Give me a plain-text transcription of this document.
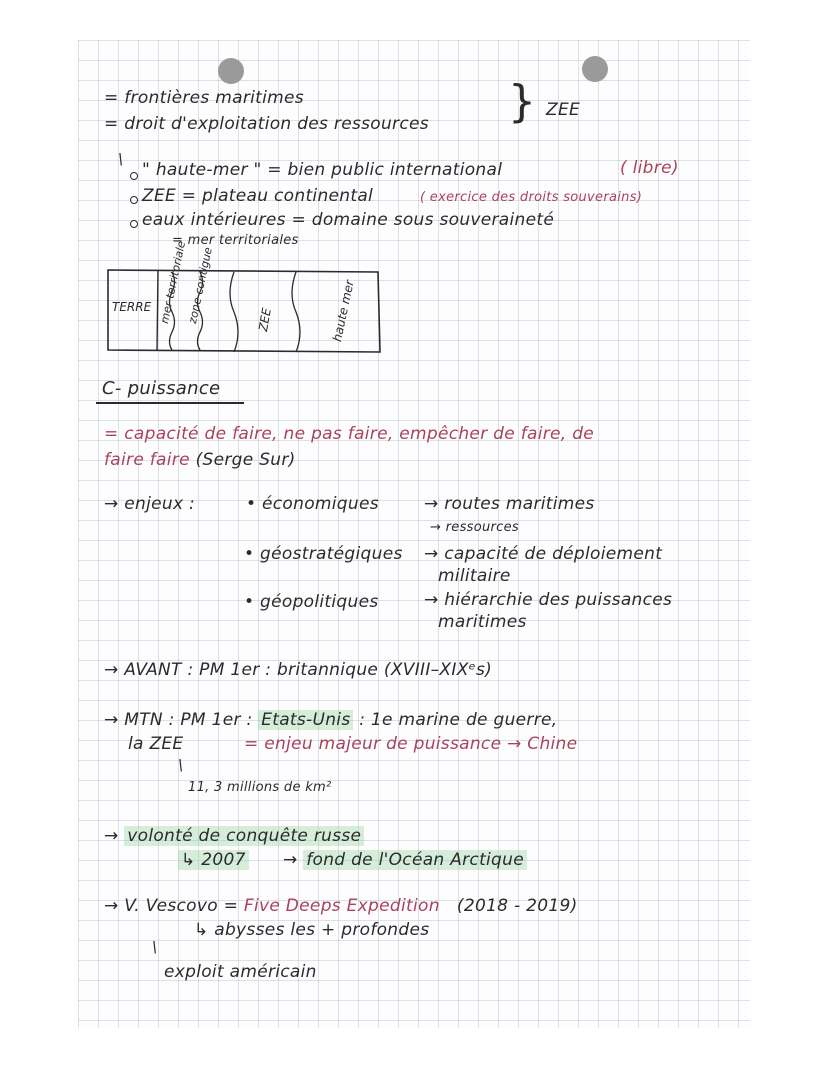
= frontières maritimes
= droit d'exploitation des ressources } ZEE
\
" haute-mer " = bien public international	( libre)
ZEE = plateau continental	( exercice des droits souverains)
eaux intérieures = domaine sous souveraineté
= mer territoriales
TERRE mer territoriale
zone contigue	ZEE	haute mer
C- puissance
= capacité de faire, ne pas faire, empêcher de faire, de
faire faire (Serge Sur)
→ enjeux :	• économiques	→ routes maritimes
→ ressources
• géostratégiques → capacité de déploiement
militaire
• géopolitiques	→ hiérarchie des puissances
maritimes
→ AVANT : PM 1er : britannique (XVIII–XIXᵉs)
→ MTN : PM 1er : Etats-Unis : 1e marine de guerre,
la ZEE	= enjeu majeur de puissance → Chine
\
11, 3 millions de km²
→ volonté de conquête russe
↳ 2007 → fond de l'Océan Arctique
→ V. Vescovo = Five Deeps Expedition (2018 - 2019)
↳ abysses les + profondes
\
exploit américain
